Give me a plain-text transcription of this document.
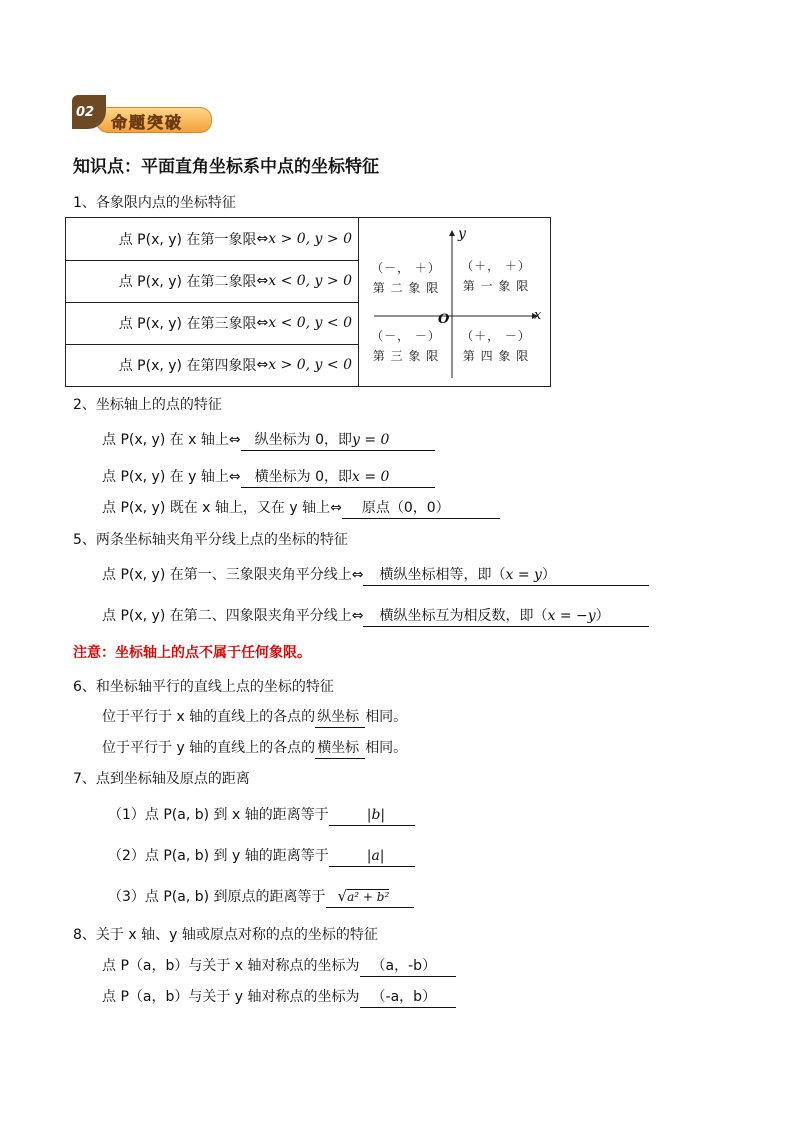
命题突破
02
知识点：平面直角坐标系中点的坐标特征
1、各象限内点的坐标特征
点 P(x, y) 在第一象限 ⇔ x > 0, y > 0
点 P(x, y) 在第二象限 ⇔ x < 0, y > 0
点 P(x, y) 在第三象限 ⇔ x < 0, y < 0
点 P(x, y) 在第四象限 ⇔ x > 0, y < 0
y
x
O
（－， ＋）
第 二 象 限
（＋， ＋）
第 一 象 限
（－， －）
第 三 象 限
（＋， －）
第 四 象 限
2、坐标轴上的点的特征
点 P(x, y) 在 x 轴上⇔ 纵坐标为 0，即y = 0
点 P(x, y) 在 y 轴上⇔ 横坐标为 0，即x = 0
点 P(x, y) 既在 x 轴上，又在 y 轴上⇔ 原点（0，0）
5、两条坐标轴夹角平分线上点的坐标的特征
点 P(x, y) 在第一、三象限夹角平分线上⇔ 横纵坐标相等，即（x = y）
点 P(x, y) 在第二、四象限夹角平分线上⇔ 横纵坐标互为相反数，即（x = −y）
注意：坐标轴上的点不属于任何象限。
6、和坐标轴平行的直线上点的坐标的特征
位于平行于 x 轴的直线上的各点的 纵坐标 相同。
位于平行于 y 轴的直线上的各点的 横坐标 相同。
7、点到坐标轴及原点的距离
（1）点 P(a, b) 到 x 轴的距离等于	|b|
（2）点 P(a, b) 到 y 轴的距离等于	|a|
（3）点 P(a, b) 到原点的距离等于 √a² + b²
8、关于 x 轴、y 轴或原点对称的点的坐标的特征
点 P（a，b）与关于 x 轴对称点的坐标为 （a，-b）
点 P（a，b）与关于 y 轴对称点的坐标为 （-a，b）
